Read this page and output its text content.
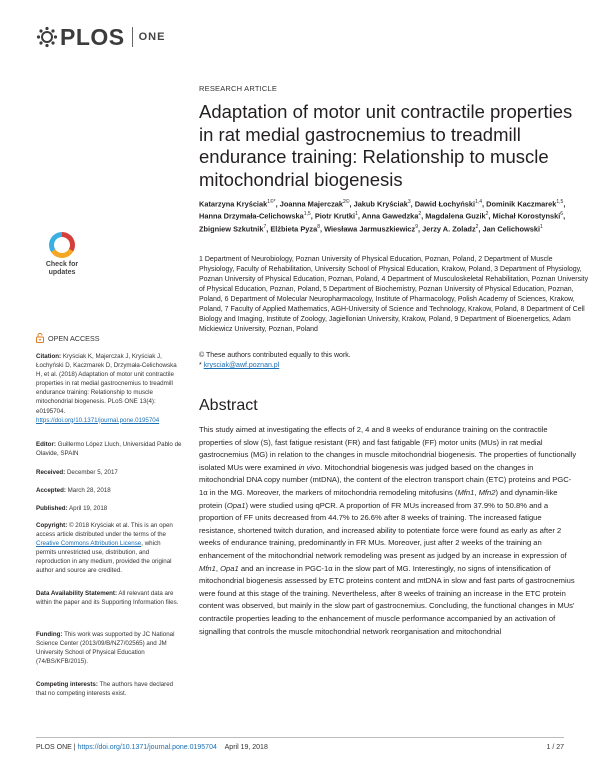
PLOS ONE
RESEARCH ARTICLE
Adaptation of motor unit contractile properties in rat medial gastrocnemius to treadmill endurance training: Relationship to muscle mitochondrial biogenesis
Katarzyna Kryściak$^{1©*}$, Joanna Majerczak$^{2©}$, Jakub Kryściak$^3$, Dawid Łochyński$^{1,4}$, Dominik Kaczmarek$^{1,5}$, Hanna Drzymała-Celichowska$^{1,5}$, Piotr Krutki$^1$, Anna Gawedzka$^2$, Magdalena Guzik$^2$, Michał Korostynski$^6$, Zbigniew Szkutnik$^7$, Elżbieta Pyza$^8$, Wiesława Jarmuszkiewicz$^9$, Jerzy A. Zoladz$^2$, Jan Celichowski$^1$
1 Department of Neurobiology, Poznan University of Physical Education, Poznan, Poland, 2 Department of Muscle Physiology, Faculty of Rehabilitation, University School of Physical Education, Krakow, Poland, 3 Department of Physiology, Poznan University of Physical Education, Poznan, Poland, 4 Department of Musculoskeletal Rehabilitation, Poznan University of Physical Education, Poznan, Poland, 5 Department of Biochemistry, Poznan University of Physical Education, Poznan, Poland, 6 Department of Molecular Neuropharmacology, Institute of Pharmacology, Polish Academy of Sciences, Krakow, Poland, 7 Faculty of Applied Mathematics, AGH-University of Science and Technology, Krakow, Poland, 8 Department of Cell Biology and Imaging, Institute of Zoology, Jagiellonian University, Krakow, Poland, 9 Department of Bioenergetics, Adam Mickiewicz University, Poznan, Poland
© These authors contributed equally to this work.
* krysciak@awf.poznan.pl
Abstract
This study aimed at investigating the effects of 2, 4 and 8 weeks of endurance training on the contractile properties of slow (S), fast fatigue resistant (FR) and fast fatigable (FF) motor units (MUs) in rat medial gastrocnemius (MG) in relation to the changes in muscle mitochondrial biogenesis. The properties of functionally isolated MUs were examined in vivo. Mitochondrial biogenesis was judged based on the changes in mitochondrial DNA copy number (mtDNA), the content of the electron transport chain (ETC) proteins and PGC-1α in the MG. Moreover, the markers of mitochondria remodeling mitofusins (Mfn1, Mfn2) and dynamin-like protein (Opa1) were studied using qPCR. A proportion of FR MUs increased from 37.9% to 50.8% and a proportion of FF units decreased from 44.7% to 26.6% after 8 weeks of training. The increased fatigue resistance, shortened twitch duration, and increased ability to potentiate force were found as early as after 2 weeks of endurance training, predominantly in FR MUs. Moreover, just after 2 weeks of the training an enhancement of the mitochondrial network remodeling was present as judged by an increase in expression of Mfn1, Opa1 and an increase in PGC-1α in the slow part of MG. Interestingly, no signs of intensification of mitochondrial biogenesis assessed by ETC proteins content and mtDNA in slow and fast parts of gastrocnemius were found at this stage of the training. Nevertheless, after 8 weeks of training an increase in the ETC protein content was observed, but mainly in the slow part of gastrocnemius. Concluding, the functional changes in MUs' contractile properties leading to the enhancement of muscle performance accompanied by an activation of signalling that controls the muscle mitochondrial network reorganisation and mitochondrial
Check for
updates
OPEN ACCESS
Citation: Kryściak K, Majerczak J, Kryściak J, Łochyński D, Kaczmarek D, Drzymała-Celichowska H, et al. (2018) Adaptation of motor unit contractile properties in rat medial gastrocnemius to treadmill endurance training: Relationship to muscle mitochondrial biogenesis. PLoS ONE 13(4): e0195704. https://doi.org/10.1371/journal.pone.0195704
Editor: Guillermo López Lluch, Universidad Pablo de Olavide, SPAIN
Received: December 5, 2017
Accepted: March 28, 2018
Published: April 19, 2018
Copyright: © 2018 Kryściak et al. This is an open access article distributed under the terms of the Creative Commons Attribution License, which permits unrestricted use, distribution, and reproduction in any medium, provided the original author and source are credited.
Data Availability Statement: All relevant data are within the paper and its Supporting Information files.
Funding: This work was supported by JC National Science Center (2013/09/B/NZ7/02565) and JM University School of Physical Education (74/BS/KFB/2015).
Competing interests: The authors have declared that no competing interests exist.
PLOS ONE | https://doi.org/10.1371/journal.pone.0195704 April 19, 2018	1 / 27
